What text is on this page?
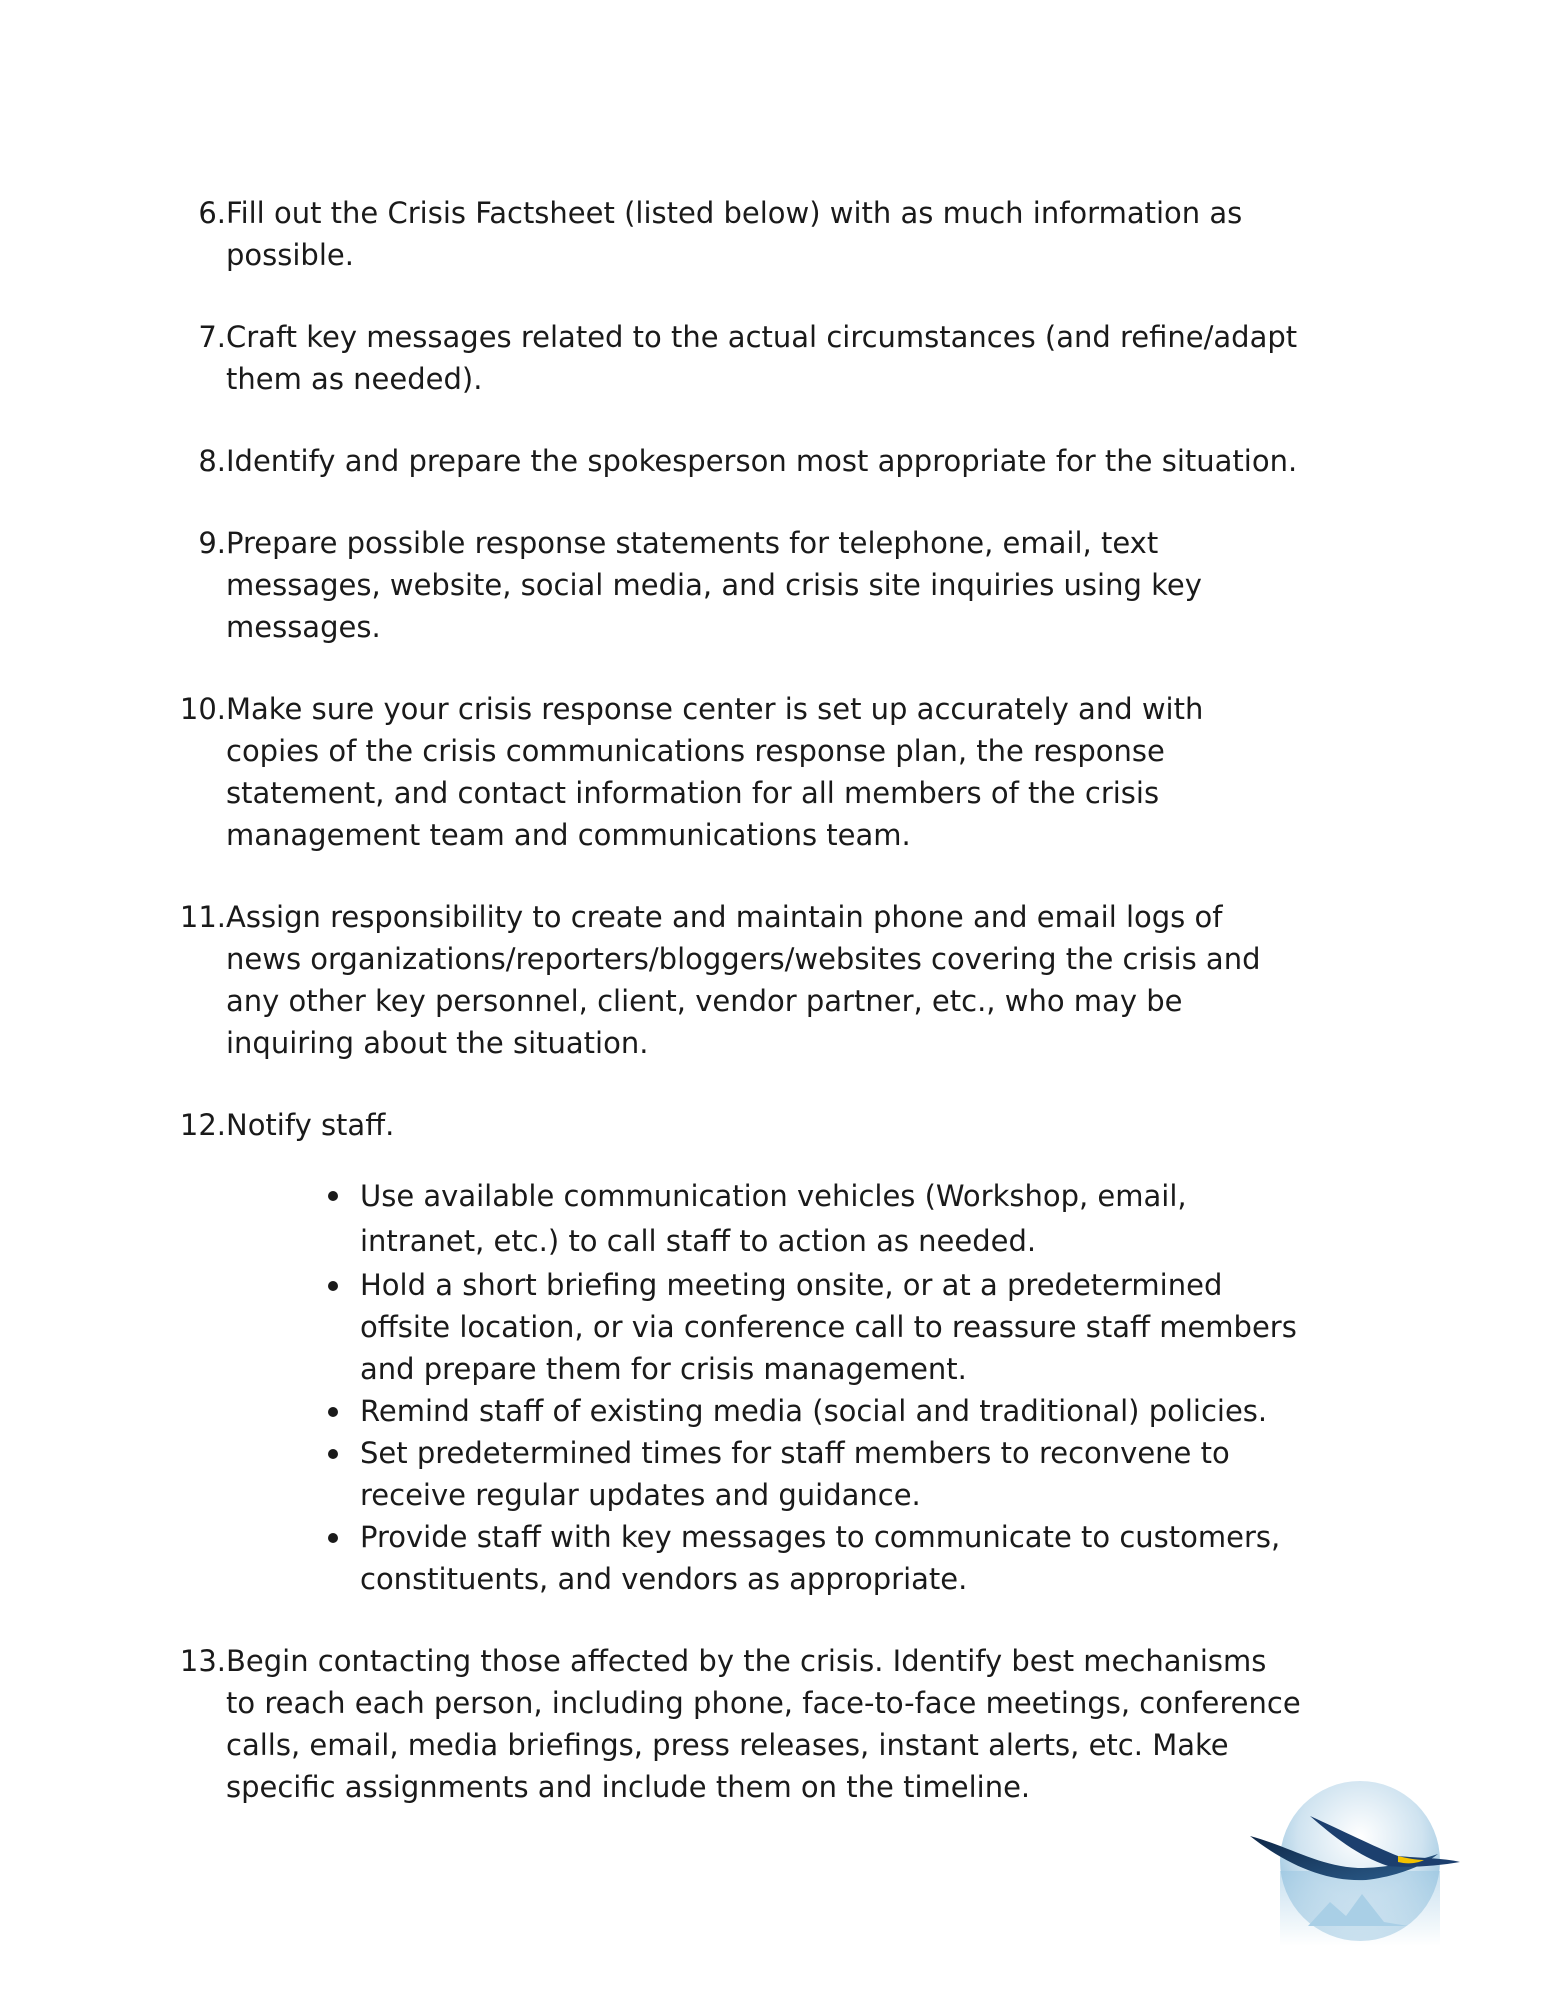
6. Fill out the Crisis Factsheet (listed below) with as much information as possible.
7. Craft key messages related to the actual circumstances (and refine/adapt them as needed).
8. Identify and prepare the spokesperson most appropriate for the situation.
9. Prepare possible response statements for telephone, email, text messages, website, social media, and crisis site inquiries using key messages.
10. Make sure your crisis response center is set up accurately and with copies of the crisis communications response plan, the response statement, and contact information for all members of the crisis management team and communications team.
11. Assign responsibility to create and maintain phone and email logs of news organizations/reporters/bloggers/websites covering the crisis and any other key personnel, client, vendor partner, etc., who may be inquiring about the situation.
12. Notify staff.
Use available communication vehicles (Workshop, email, intranet, etc.) to call staff to action as needed.
Hold a short briefing meeting onsite, or at a predetermined offsite location, or via conference call to reassure staff members and prepare them for crisis management.
Remind staff of existing media (social and traditional) policies.
Set predetermined times for staff members to reconvene to receive regular updates and guidance.
Provide staff with key messages to communicate to customers, constituents, and vendors as appropriate.
13. Begin contacting those affected by the crisis. Identify best mechanisms to reach each person, including phone, face-to-face meetings, conference calls, email, media briefings, press releases, instant alerts, etc. Make specific assignments and include them on the timeline.
